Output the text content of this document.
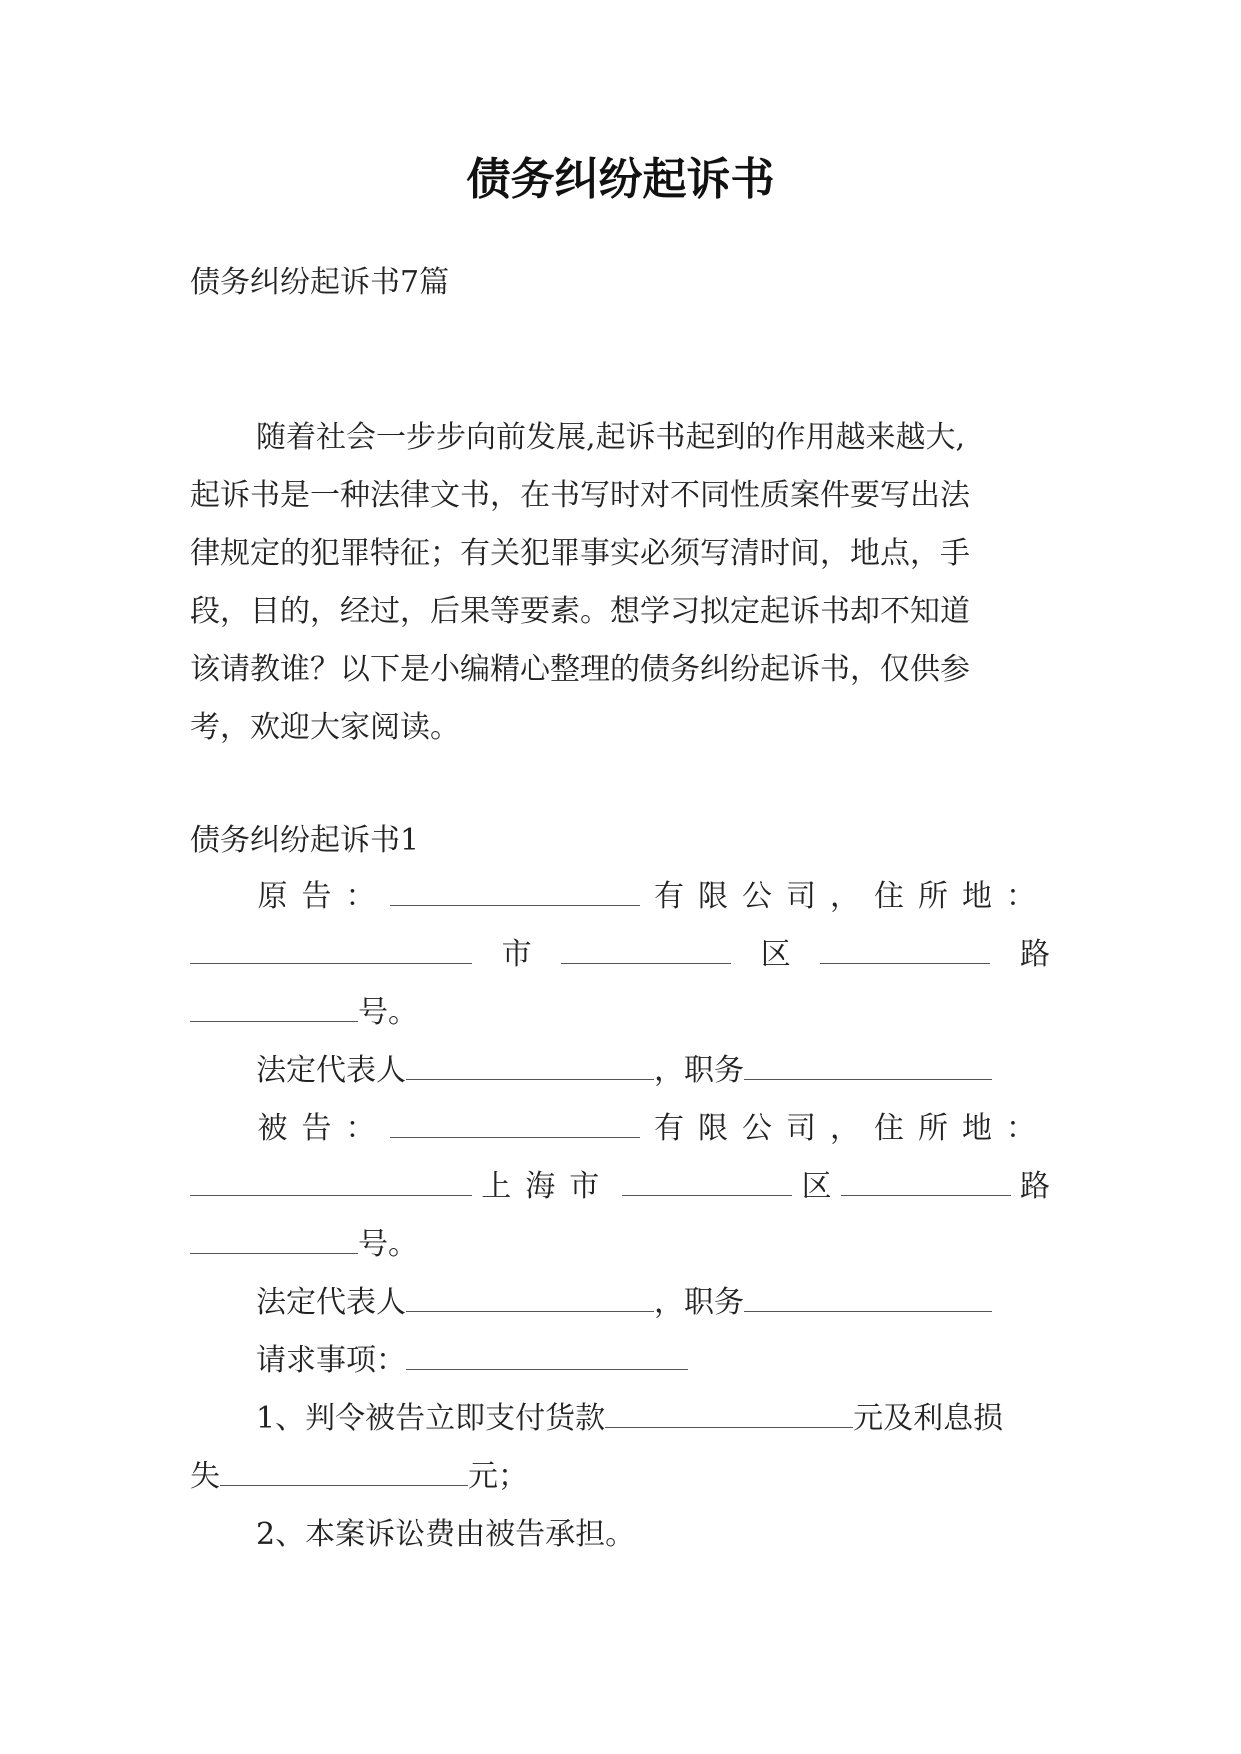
债务纠纷起诉书
债务纠纷起诉书7篇
随着社会一步步向前发展,起诉书起到的作用越来越大,
起诉书是一种法律文书，在书写时对不同性质案件要写出法
律规定的犯罪特征；有关犯罪事实必须写清时间，地点，手
段，目的，经过，后果等要素。想学习拟定起诉书却不知道
该请教谁？以下是小编精心整理的债务纠纷起诉书，仅供参
考，欢迎大家阅读。
债务纠纷起诉书1
原告：	有限公司，住所地：
市	区	路
号。
法定代表人	，职务
被告：	有限公司，住所地：
上海市	区	路
号。
法定代表人	，职务
请求事项：
1、判令被告立即支付货款	元及利息损
失	元；
2、本案诉讼费由被告承担。
